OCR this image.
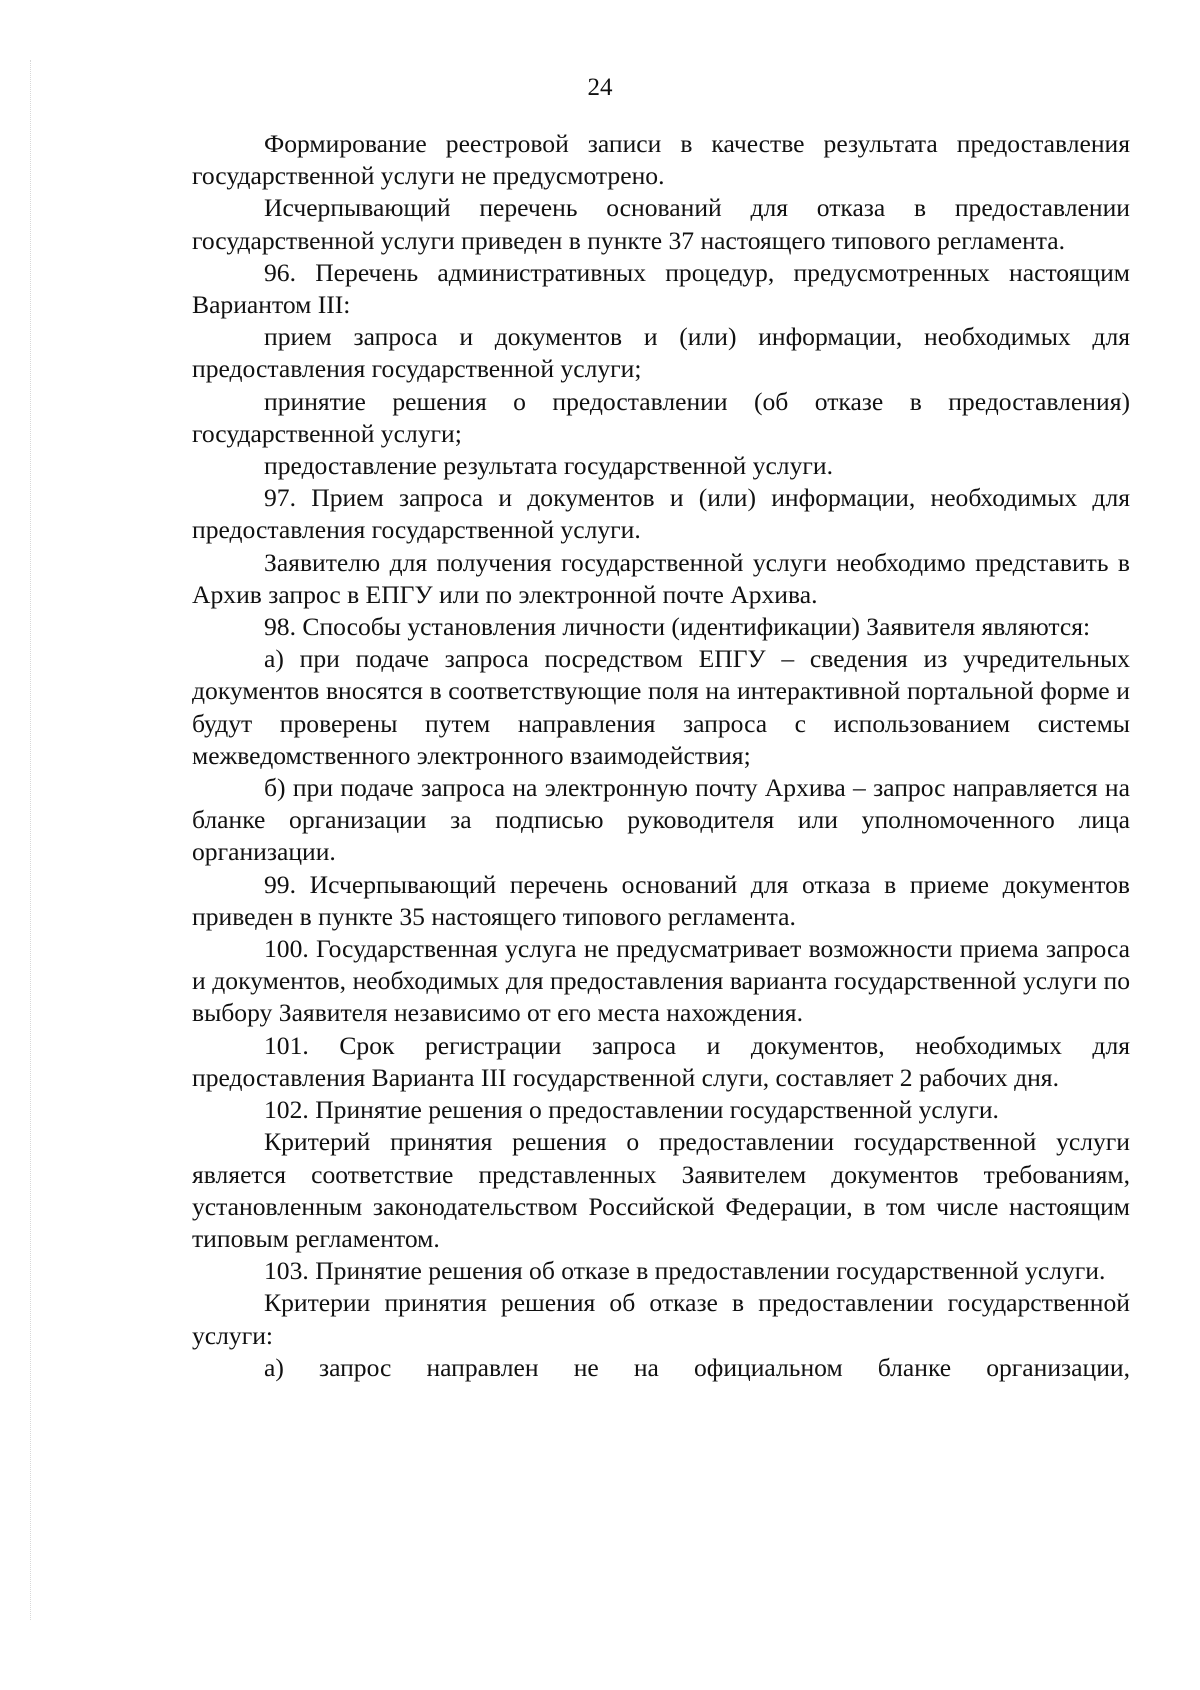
24

Формирование реестровой записи в качестве результата предоставления государственной услуги не предусмотрено.

Исчерпывающий перечень оснований для отказа в предоставлении государственной услуги приведен в пункте 37 настоящего типового регламента.

96. Перечень административных процедур, предусмотренных настоящим Вариантом III:

прием запроса и документов и (или) информации, необходимых для предоставления государственной услуги;

принятие решения о предоставлении (об отказе в предоставления) государственной услуги;

предоставление результата государственной услуги.

97. Прием запроса и документов и (или) информации, необходимых для предоставления государственной услуги.

Заявителю для получения государственной услуги необходимо представить в Архив запрос в ЕПГУ или по электронной почте Архива.

98. Способы установления личности (идентификации) Заявителя являются:

а) при подаче запроса посредством ЕПГУ – сведения из учредительных документов вносятся в соответствующие поля на интерактивной портальной форме и будут проверены путем направления запроса с использованием системы межведомственного электронного взаимодействия;

б) при подаче запроса на электронную почту Архива – запрос направляется на бланке организации за подписью руководителя или уполномоченного лица организации.

99. Исчерпывающий перечень оснований для отказа в приеме документов приведен в пункте 35 настоящего типового регламента.

100. Государственная услуга не предусматривает возможности приема запроса и документов, необходимых для предоставления варианта государственной услуги по выбору Заявителя независимо от его места нахождения.

101. Срок регистрации запроса и документов, необходимых для предоставления Варианта III государственной слуги, составляет 2 рабочих дня.

102. Принятие решения о предоставлении государственной услуги.

Критерий принятия решения о предоставлении государственной услуги является соответствие представленных Заявителем документов требованиям, установленным законодательством Российской Федерации, в том числе настоящим типовым регламентом.

103. Принятие решения об отказе в предоставлении государственной услуги.

Критерии принятия решения об отказе в предоставлении государственной услуги:

а) запрос направлен не на официальном бланке организации,
